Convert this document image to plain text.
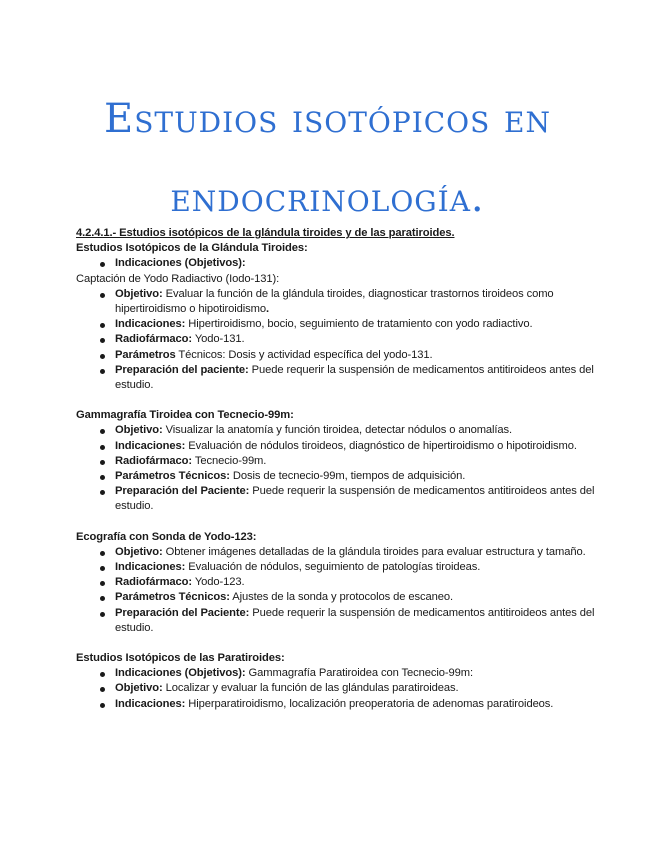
Estudios isotópicos en
endocrinología.

4.2.4.1.- Estudios isotópicos de la glándula tiroides y de las paratiroides.

Estudios Isotópicos de la Glándula Tiroides:

Indicaciones (Objetivos):

Captación de Yodo Radiactivo (Iodo-131):

Objetivo: Evaluar la función de la glándula tiroides, diagnosticar trastornos tiroideos como hipertiroidismo o hipotiroidismo.
Indicaciones: Hipertiroidismo, bocio, seguimiento de tratamiento con yodo radiactivo.
Radiofármaco: Yodo-131.
Parámetros Técnicos: Dosis y actividad específica del yodo-131.
Preparación del paciente: Puede requerir la suspensión de medicamentos antitiroideos antes del estudio.

Gammagrafía Tiroidea con Tecnecio-99m:

Objetivo: Visualizar la anatomía y función tiroidea, detectar nódulos o anomalías.
Indicaciones: Evaluación de nódulos tiroideos, diagnóstico de hipertiroidismo o hipotiroidismo.
Radiofármaco: Tecnecio-99m.
Parámetros Técnicos: Dosis de tecnecio-99m, tiempos de adquisición.
Preparación del Paciente: Puede requerir la suspensión de medicamentos antitiroideos antes del estudio.

Ecografía con Sonda de Yodo-123:

Objetivo: Obtener imágenes detalladas de la glándula tiroides para evaluar estructura y tamaño.
Indicaciones: Evaluación de nódulos, seguimiento de patologías tiroideas.
Radiofármaco: Yodo-123.
Parámetros Técnicos: Ajustes de la sonda y protocolos de escaneo.
Preparación del Paciente: Puede requerir la suspensión de medicamentos antitiroideos antes del estudio.

Estudios Isotópicos de las Paratiroides:

Indicaciones (Objetivos): Gammagrafía Paratiroidea con Tecnecio-99m:
Objetivo: Localizar y evaluar la función de las glándulas paratiroideas.
Indicaciones: Hiperparatiroidismo, localización preoperatoria de adenomas paratiroideos.
